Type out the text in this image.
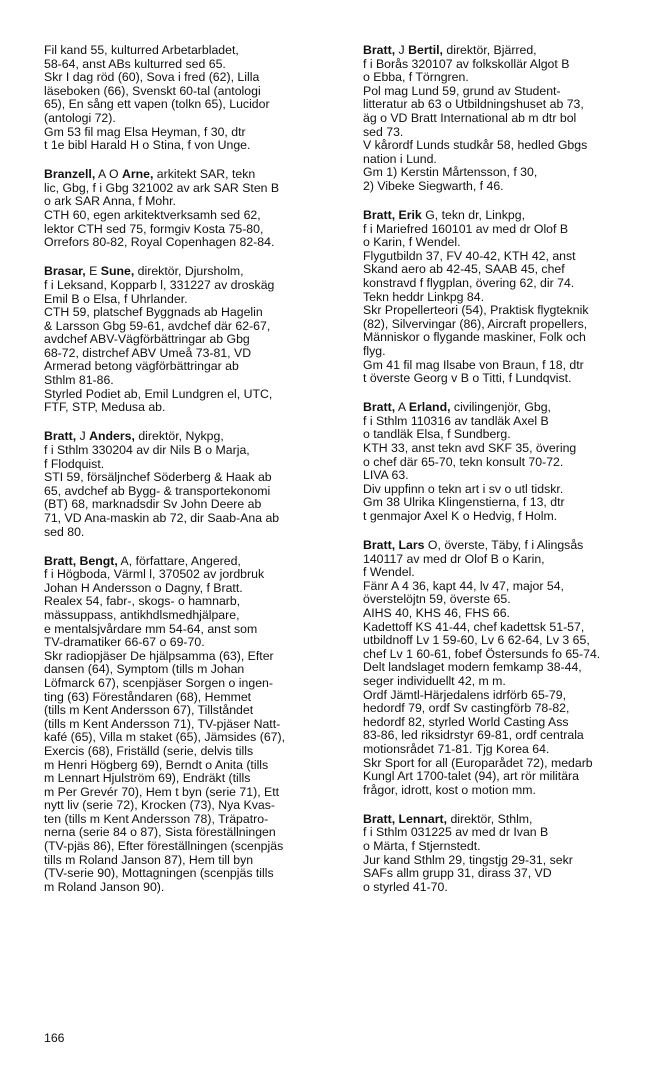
Fil kand 55, kulturred Arbetarbladet,

58-64, anst ABs kulturred sed 65.

Skr I dag röd (60), Sova i fred (62), Lilla

läseboken (66), Svenskt 60-tal (antologi

65), En sång ett vapen (tolkn 65), Lucidor

(antologi 72).

Gm 53 fil mag Elsa Heyman, f 30, dtr

t 1e bibl Harald H o Stina, f von Unge.

Branzell, A O Arne, arkitekt SAR, tekn

lic, Gbg, f i Gbg 321002 av ark SAR Sten B

o ark SAR Anna, f Mohr.

CTH 60, egen arkitektverksamh sed 62,

lektor CTH sed 75, formgiv Kosta 75-80,

Orrefors 80-82, Royal Copenhagen 82-84.

Brasar, E Sune, direktör, Djursholm,

f i Leksand, Kopparb l, 331227 av droskäg

Emil B o Elsa, f Uhrlander.

CTH 59, platschef Byggnads ab Hagelin

& Larsson Gbg 59-61, avdchef där 62-67,

avdchef ABV-Vägförbättringar ab Gbg

68-72, distrchef ABV Umeå 73-81, VD

Armerad betong vägförbättringar ab

Sthlm 81-86.

Styrled Podiet ab, Emil Lundgren el, UTC,

FTF, STP, Medusa ab.

Bratt, J Anders, direktör, Nykpg,

f i Sthlm 330204 av dir Nils B o Marja,

f Flodquist.

STI 59, försäljnchef Söderberg & Haak ab

65, avdchef ab Bygg- & transportekonomi

(BT) 68, marknadsdir Sv John Deere ab

71, VD Ana-maskin ab 72, dir Saab-Ana ab

sed 80.

Bratt, Bengt, A, författare, Angered,

f i Högboda, Värml l, 370502 av jordbruk

Johan H Andersson o Dagny, f Bratt.

Realex 54, fabr-, skogs- o hamnarb,

mässuppass, antikhdlsmedhjälpare,

e mentalsjvårdare mm 54-64, anst som

TV-dramatiker 66-67 o 69-70.

Skr radiopjäser De hjälpsamma (63), Efter

dansen (64), Symptom (tills m Johan

Löfmarck 67), scenpjäser Sorgen o ingen-

ting (63) Föreståndaren (68), Hemmet

(tills m Kent Andersson 67), Tillståndet

(tills m Kent Andersson 71), TV-pjäser Natt-

kafé (65), Villa m staket (65), Jämsides (67),

Exercis (68), Friställd (serie, delvis tills

m Henri Högberg 69), Berndt o Anita (tills

m Lennart Hjulström 69), Endräkt (tills

m Per Grevér 70), Hem t byn (serie 71), Ett

nytt liv (serie 72), Krocken (73), Nya Kvas-

ten (tills m Kent Andersson 78), Träpatro-

nerna (serie 84 o 87), Sista föreställningen

(TV-pjäs 86), Efter föreställningen (scenpjäs

tills m Roland Janson 87), Hem till byn

(TV-serie 90), Mottagningen (scenpjäs tills

m Roland Janson 90).

Bratt, J Bertil, direktör, Bjärred,

f i Borås 320107 av folkskollär Algot B

o Ebba, f Törngren.

Pol mag Lund 59, grund av Student-

litteratur ab 63 o Utbildningshuset ab 73,

äg o VD Bratt International ab m dtr bol

sed 73.

V kårordf Lunds studkår 58, hedled Gbgs

nation i Lund.

Gm 1) Kerstin Mårtensson, f 30,

2) Vibeke Siegwarth, f 46.

Bratt, Erik G, tekn dr, Linkpg,

f i Mariefred 160101 av med dr Olof B

o Karin, f Wendel.

Flygutbildn 37, FV 40-42, KTH 42, anst

Skand aero ab 42-45, SAAB 45, chef

konstravd f flygplan, övering 62, dir 74.

Tekn heddr Linkpg 84.

Skr Propellerteori (54), Praktisk flygteknik

(82), Silvervingar (86), Aircraft propellers,

Människor o flygande maskiner, Folk och

flyg.

Gm 41 fil mag Ilsabe von Braun, f 18, dtr

t överste Georg v B o Titti, f Lundqvist.

Bratt, A Erland, civilingenjör, Gbg,

f i Sthlm 110316 av tandläk Axel B

o tandläk Elsa, f Sundberg.

KTH 33, anst tekn avd SKF 35, övering

o chef där 65-70, tekn konsult 70-72.

LIVA 63.

Div uppfinn o tekn art i sv o utl tidskr.

Gm 38 Ulrika Klingenstierna, f 13, dtr

t genmajor Axel K o Hedvig, f Holm.

Bratt, Lars O, överste, Täby, f i Alingsås

140117 av med dr Olof B o Karin,

f Wendel.

Fänr A 4 36, kapt 44, lv 47, major 54,

överstelöjtn 59, överste 65.

AIHS 40, KHS 46, FHS 66.

Kadettoff KS 41-44, chef kadettsk 51-57,

utbildnoff Lv 1 59-60, Lv 6 62-64, Lv 3 65,

chef Lv 1 60-61, fobef Östersunds fo 65-74.

Delt landslaget modern femkamp 38-44,

seger individuellt 42, m m.

Ordf Jämtl-Härjedalens idrförb 65-79,

hedordf 79, ordf Sv castingförb 78-82,

hedordf 82, styrled World Casting Ass

83-86, led riksidrstyr 69-81, ordf centrala

motionsrådet 71-81. Tjg Korea 64.

Skr Sport for all (Europarådet 72), medarb

Kungl Art 1700-talet (94), art rör militära

frågor, idrott, kost o motion mm.

Bratt, Lennart, direktör, Sthlm,

f i Sthlm 031225 av med dr Ivan B

o Märta, f Stjernstedt.

Jur kand Sthlm 29, tingstjg 29-31, sekr

SAFs allm grupp 31, dirass 37, VD

o styrled 41-70.

166
